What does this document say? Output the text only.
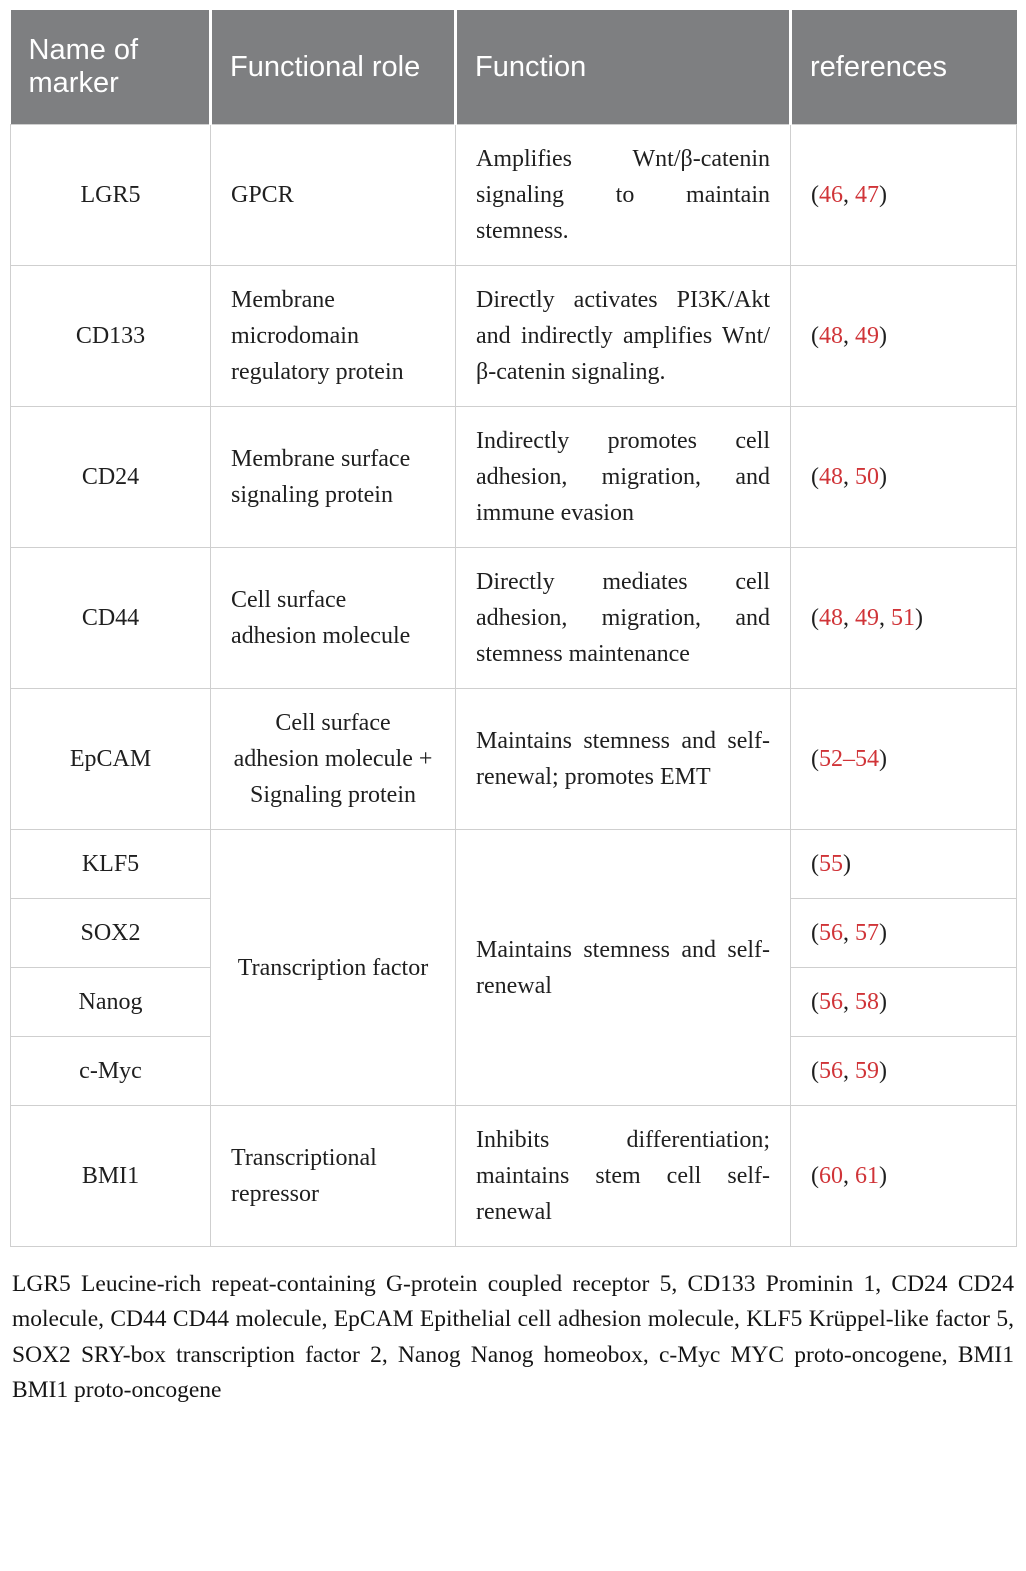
Name of marker	Functional role	Function	references
LGR5	GPCR	Amplifies Wnt/β-catenin signaling to maintain stemness.	(46, 47)
CD133	Membrane microdomain regulatory protein	Directly activates PI3K/Akt and indirectly amplifies Wnt/β-catenin signaling.	(48, 49)
CD24	Membrane surface signaling protein	Indirectly promotes cell adhesion, migration, and immune evasion	(48, 50)
CD44	Cell surface adhesion molecule	Directly mediates cell adhesion, migration, and stemness maintenance	(48, 49, 51)
EpCAM	Cell surface adhesion molecule + Signaling protein	Maintains stemness and self-renewal; promotes EMT	(52–54)
KLF5	Transcription factor	Maintains stemness and self-renewal	(55)
SOX2			(56, 57)
Nanog			(56, 58)
c-Myc			(56, 59)
BMI1	Transcriptional repressor	Inhibits differentiation; maintains stem cell self-renewal	(60, 61)

LGR5 Leucine-rich repeat-containing G-protein coupled receptor 5, CD133 Prominin 1, CD24 CD24 molecule, CD44 CD44 molecule, EpCAM Epithelial cell adhesion molecule, KLF5 Krüppel-like factor 5, SOX2 SRY-box transcription factor 2, Nanog Nanog homeobox, c-Myc MYC proto-oncogene, BMI1 BMI1 proto-oncogene
